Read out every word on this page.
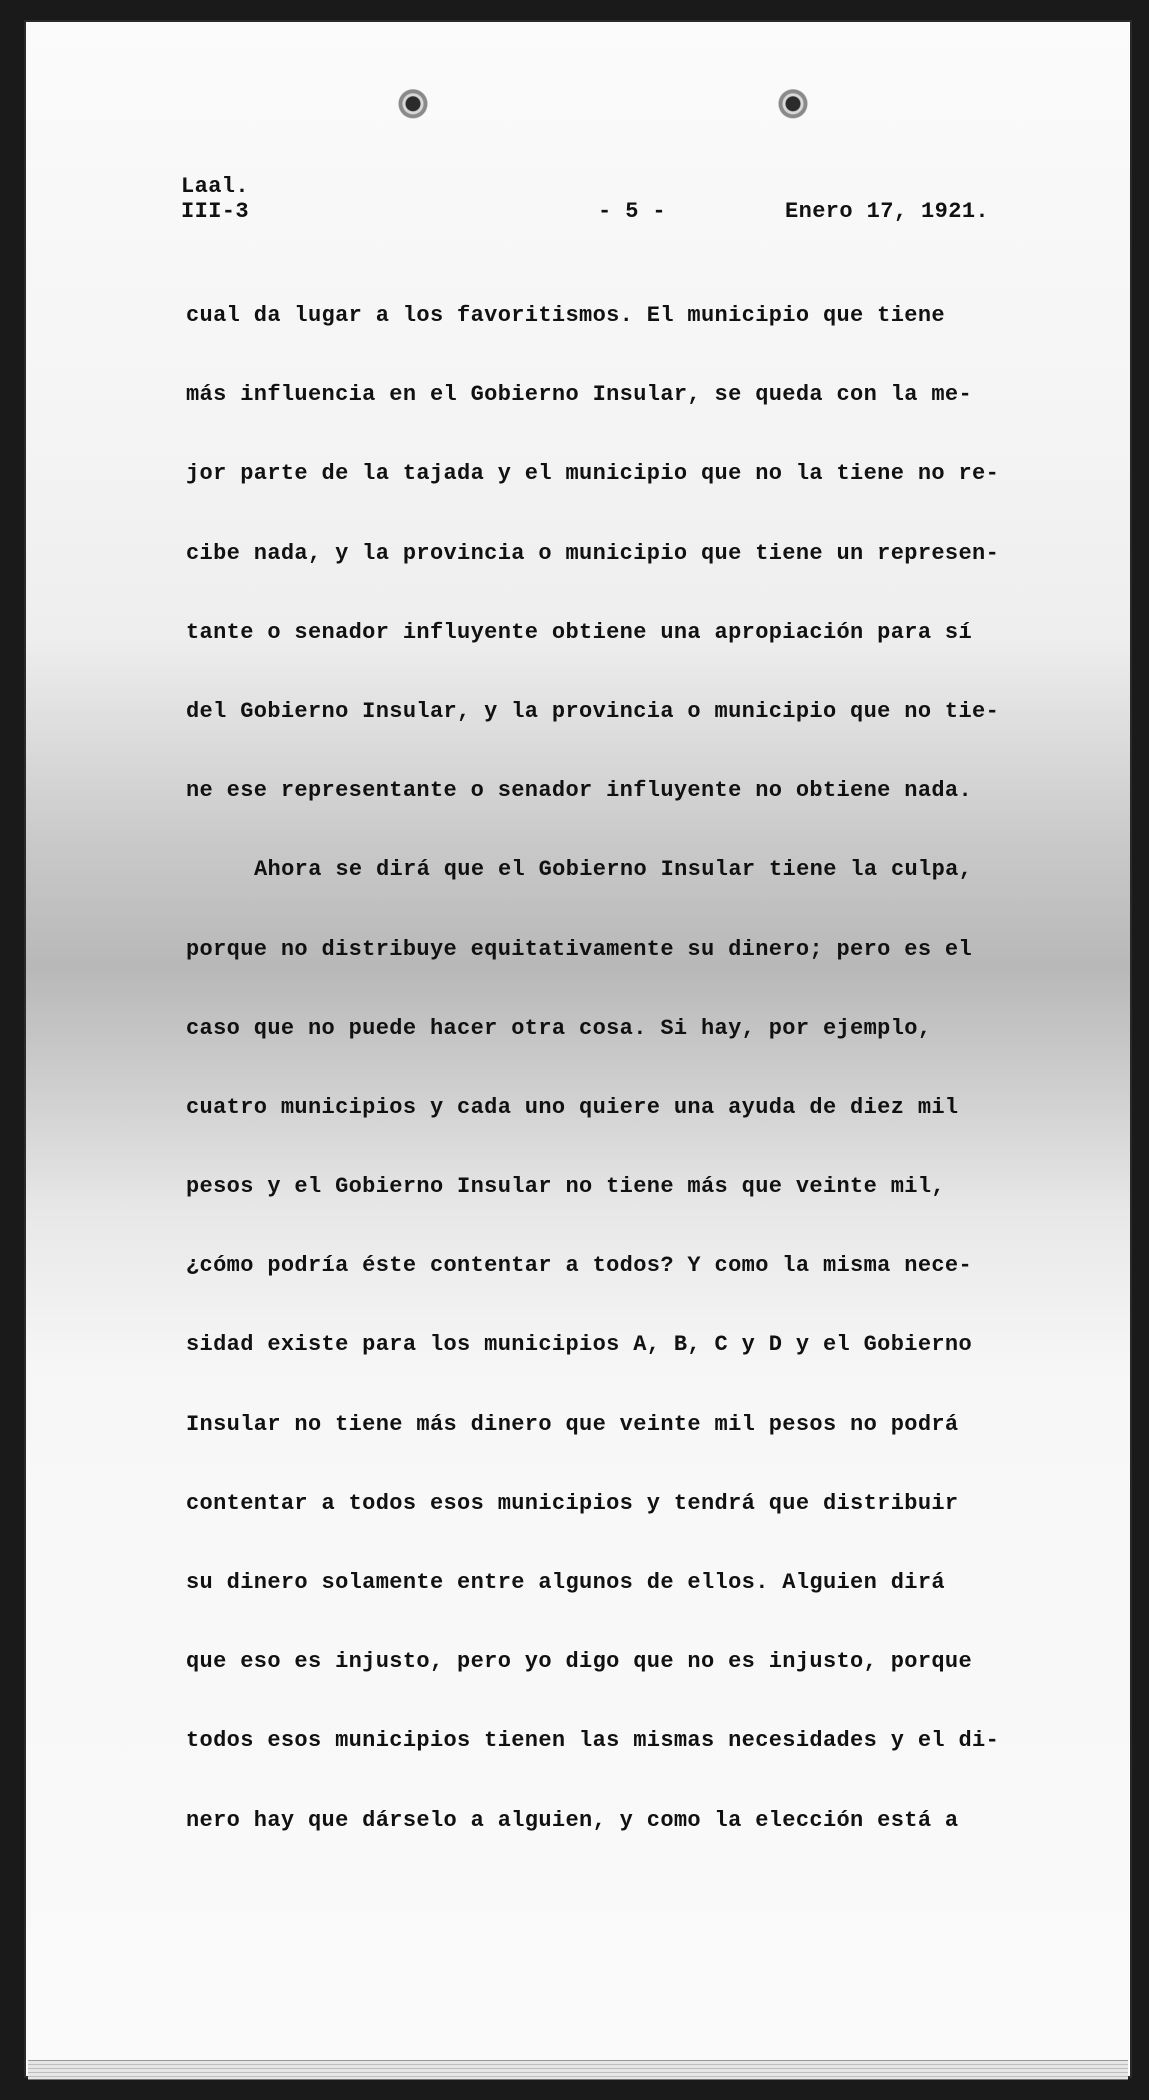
Laal.
III-3	- 5 -	Enero 17, 1921.
cual da lugar a los favoritismos. El municipio que tiene
más influencia en el Gobierno Insular, se queda con la me-
jor parte de la tajada y el municipio que no la tiene no re-
cibe nada, y la provincia o municipio que tiene un represen-
tante o senador influyente obtiene una apropiación para sí
del Gobierno Insular, y la provincia o municipio que no tie-
ne ese representante o senador influyente no obtiene nada.
Ahora se dirá que el Gobierno Insular tiene la culpa,
porque no distribuye equitativamente su dinero; pero es el
caso que no puede hacer otra cosa. Si hay, por ejemplo,
cuatro municipios y cada uno quiere una ayuda de diez mil
pesos y el Gobierno Insular no tiene más que veinte mil,
¿cómo podría éste contentar a todos? Y como la misma nece-
sidad existe para los municipios A, B, C y D y el Gobierno
Insular no tiene más dinero que veinte mil pesos no podrá
contentar a todos esos municipios y tendrá que distribuir
su dinero solamente entre algunos de ellos. Alguien dirá
que eso es injusto, pero yo digo que no es injusto, porque
todos esos municipios tienen las mismas necesidades y el di-
nero hay que dárselo a alguien, y como la elección está a
